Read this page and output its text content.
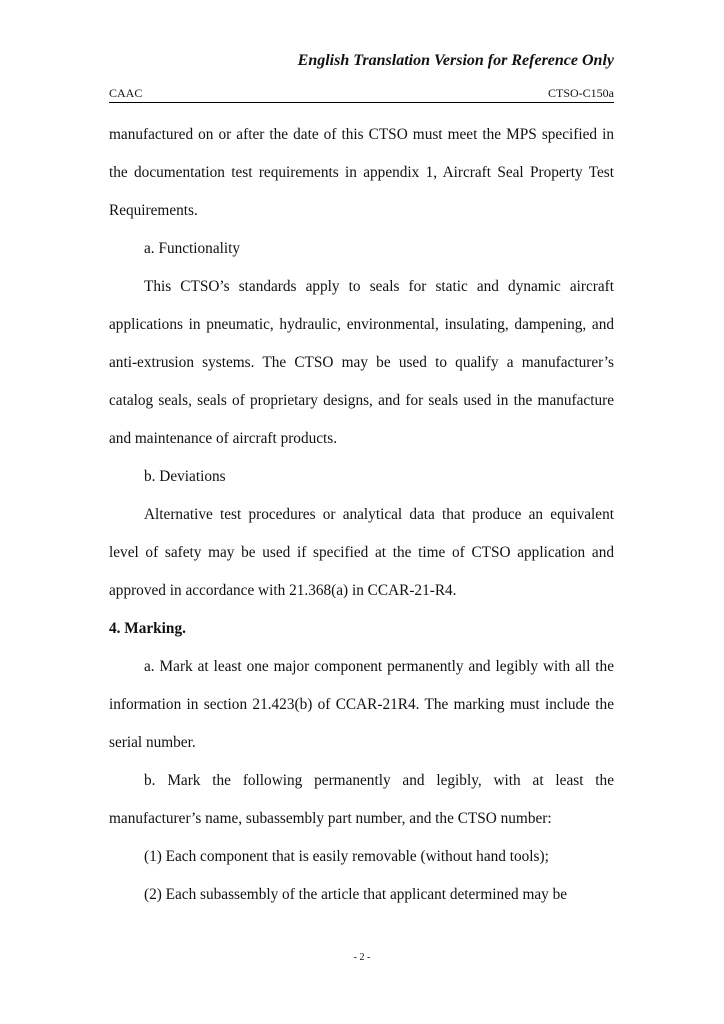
English Translation Version for Reference Only
CAAC	CTSO-C150a

manufactured on or after the date of this CTSO must meet the MPS specified in the documentation test requirements in appendix 1, Aircraft Seal Property Test Requirements.

a. Functionality

This CTSO’s standards apply to seals for static and dynamic aircraft applications in pneumatic, hydraulic, environmental, insulating, dampening, and anti-extrusion systems. The CTSO may be used to qualify a manufacturer’s catalog seals, seals of proprietary designs, and for seals used in the manufacture and maintenance of aircraft products.

b. Deviations

Alternative test procedures or analytical data that produce an equivalent level of safety may be used if specified at the time of CTSO application and approved in accordance with 21.368(a) in CCAR-21-R4.

4. Marking.

a. Mark at least one major component permanently and legibly with all the information in section 21.423(b) of CCAR-21R4. The marking must include the serial number.

b. Mark the following permanently and legibly, with at least the manufacturer’s name, subassembly part number, and the CTSO number:

(1) Each component that is easily removable (without hand tools);

(2) Each subassembly of the article that applicant determined may be

- 2 -
